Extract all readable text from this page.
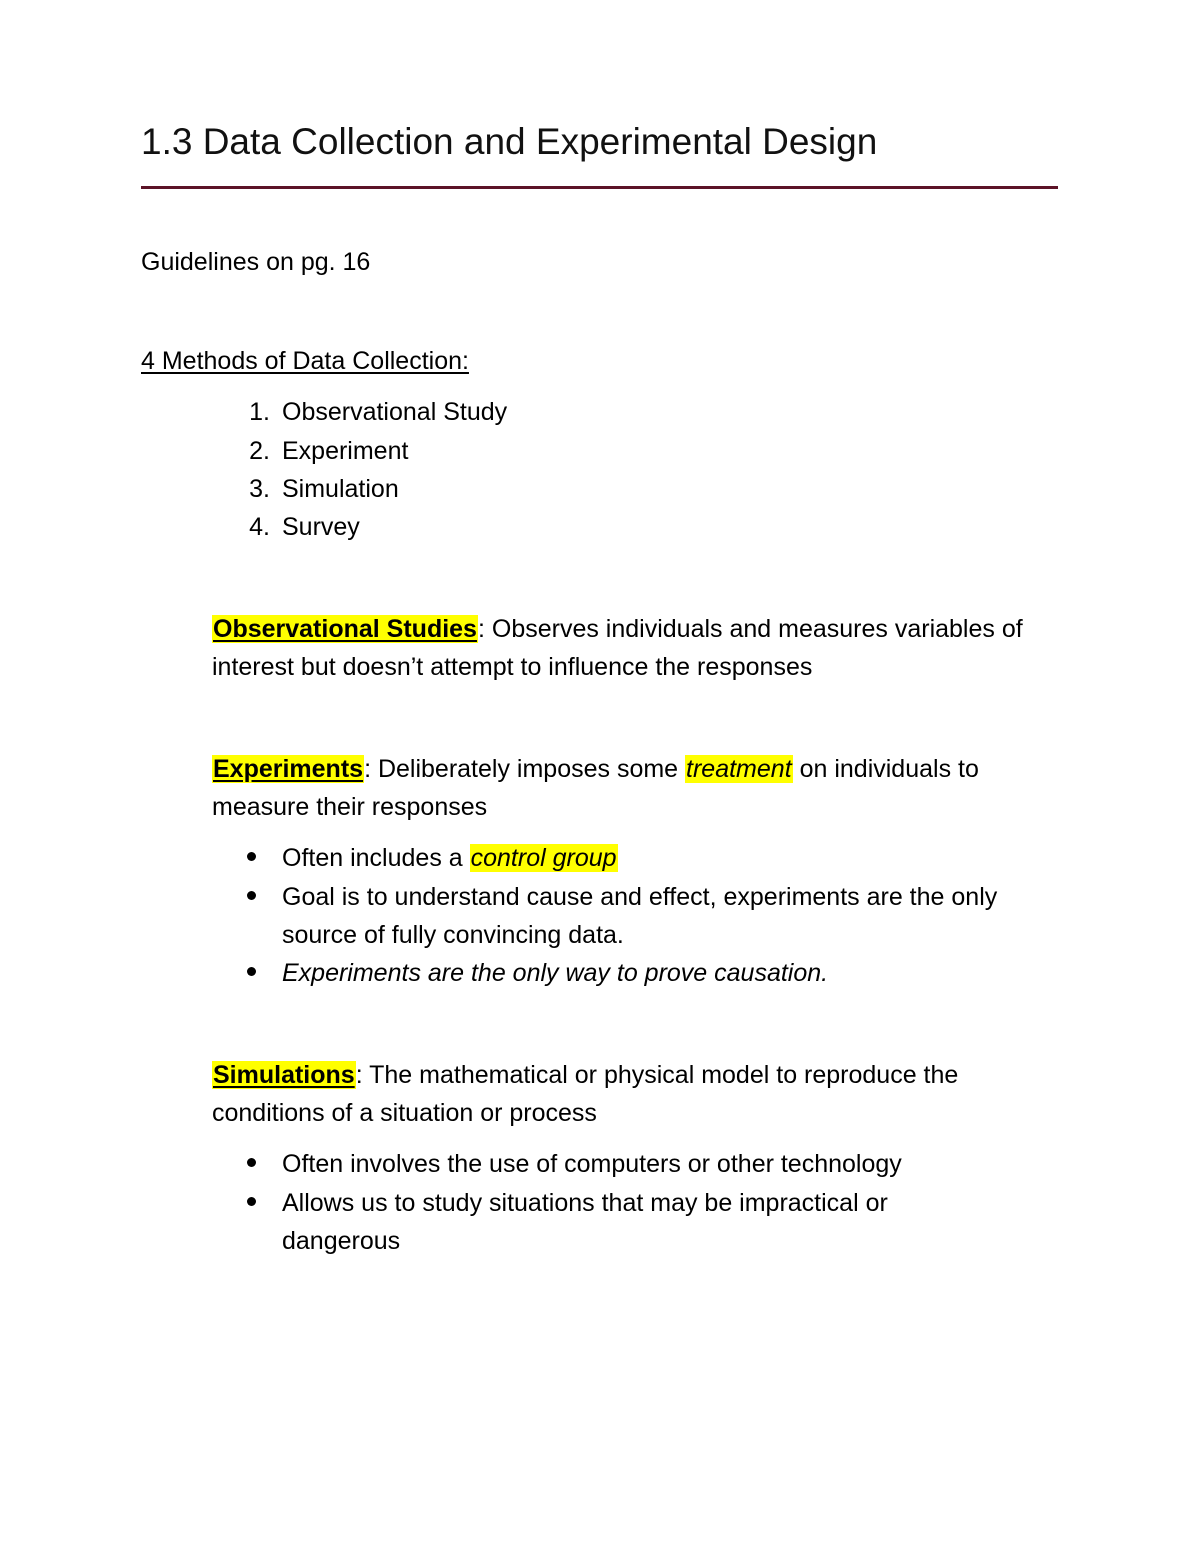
1.3 Data Collection and Experimental Design
Guidelines on pg. 16
4 Methods of Data Collection:
1. Observational Study
2. Experiment
3. Simulation
4. Survey
Observational Studies: Observes individuals and measures variables of
interest but doesn’t attempt to influence the responses
Experiments: Deliberately imposes some treatment on individuals to
measure their responses
Often includes a control group
Goal is to understand cause and effect, experiments are the only
source of fully convincing data.
Experiments are the only way to prove causation.
Simulations: The mathematical or physical model to reproduce the
conditions of a situation or process
Often involves the use of computers or other technology
Allows us to study situations that may be impractical or
dangerous
